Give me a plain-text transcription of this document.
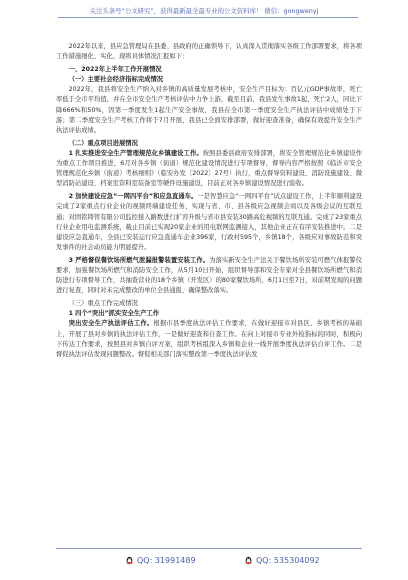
关注头条号“公文研究”，获得最新最全最专业的公文资料库！ 微信：gongwenyj

2022年以来，县应急管理局在县委、县政府的正确领导下，认真深入贯彻落实各级工作部署要求，将各项工作措施细化、实化、现将具体情况汇报如下：

一、2022年上半年工作开展情况

（一）主要社会经济指标完成情况

2022年，我县将安全生产纳入对乡镇的高质量发展考核中，安全生产目标为：百亿元GDP事故率，死亡率低于全市平均值，并在全市安全生产考核评估中力争上游，截至目前，我县发生事故1起，死亡2人，同比下降666%和50%，因第一季度发生1起生产安全事故，我县在全市第一季度安全生产执法评估中成绩处于下游；第二季度安全生产考核工作将于7月开展，我县已全面安排部署，做好迎查准备，确保有效提升安全生产执法评估成绩。

（二）重点项目进展情况

1 扎实推进安全生产管理规范化乡镇建设工作。按照县委县政府安排部署，将安全管理规范化乡镇建设作为重点工作项目推进，6月对各乡镇（街道）规范化建设情况进行专项督导，督导内容严格按照《临沂市安全管理规范化乡镇（街道）考核细则》（临安办发〔2022〕27号）执行，重点督导资料建设、消防设施建设、微型消防站建设、档案室资料室装备室等硬件设施建设，目前正对各乡镇建设情况进行验收。

2 加快建设应急“一网四平台”和应急直通车。一是智慧应急“一网四平台”试点建设工作，上半年顺利建设完成了2家重点行业企业的视频终端建设任务，实现与省、市、县各级应急视频会商以及各级会议的互联互通；对固铭铸管有限公司监控接入路数进行扩容升级与省市县安装30路高危视频的互联互通。完成了23家重点行业企业用电监测系统，截止目前已实现20家企业的用电联网监测接入，其他企业正在有序安装推进中。二是建设应急直通车，全县已安装运行应急直通车企业396家，行政村595个，乡镇18个，各级应对事故防范和突发事件的社会动员能力明显提升。

3 严格督促餐饮场所燃气泄漏报警装置安装工作。为落实新安全生产法关于餐饮场所安装可燃气体报警仪要求，加强餐饮场所燃气和消防安全工作，从5月10日开始，组织督导部和安全专家对全县餐饮场所燃气和消防进行专项督导工作，共抽查营业的18个乡镇（开发区）的80家餐饮场所，6月1日至7日，对前期发现的问题进行复查，同时对未完成整改的单位全县通报，确保整改落实。

（三）重点工作完成情况

1 四个“突出”抓实安全生产工作

突出安全生产执法评估工作。根据市县季度执法评估工作要求，在做好迎接市对县区、乡镇考核的基础上，开展了县对乡镇的执法评估工作，一是做好迎查和自查工作。在向上对接市专业外检指标的同时，积极向下传达工作要求，按照县对乡镇自评方案，组织考核组深入乡镇和企业一线开展季度执法评估自评工作。二是督促执法评估发现问题整改。督促相关部门落实整改第一季度执法评估发

QQ: 31991489	QQ: 535304092
